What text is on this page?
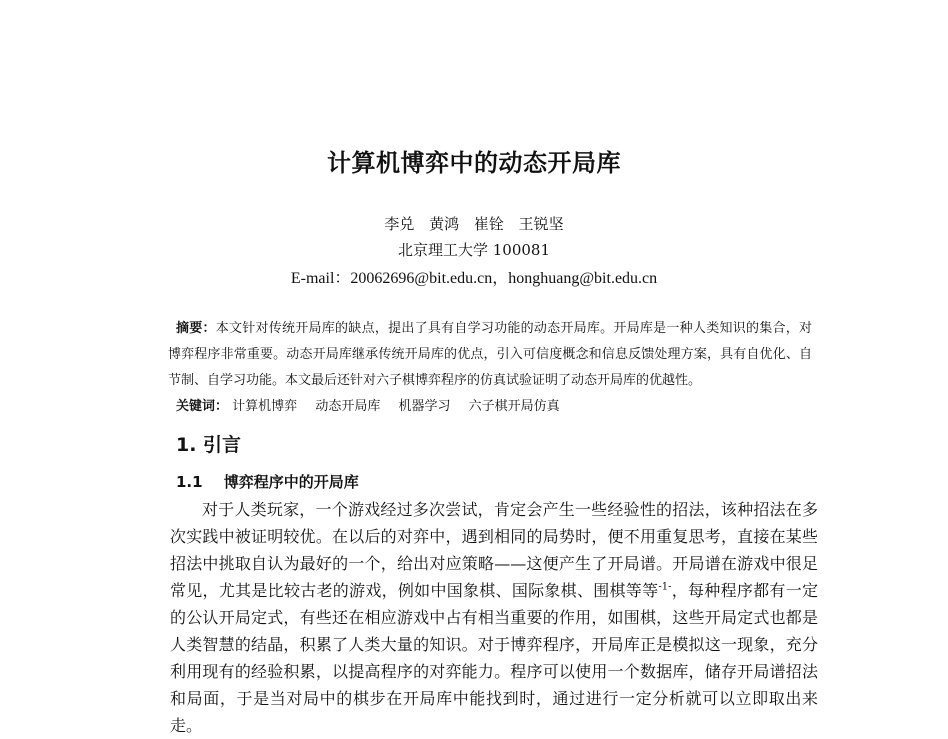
计算机博弈中的动态开局库
李兑 黄鸿 崔铨 王锐坚
北京理工大学 100081
E-mail：20062696@bit.edu.cn，honghuang@bit.edu.cn

摘要：本文针对传统开局库的缺点，提出了具有自学习功能的动态开局库。开局库是一种人类知识的集合，对博弈程序非常重要。动态开局库继承传统开局库的优点，引入可信度概念和信息反馈处理方案，具有自优化、自节制、自学习功能。本文最后还针对六子棋博弈程序的仿真试验证明了动态开局库的优越性。

关键词： 计算机博弈 动态开局库 机器学习 六子棋开局仿真
1. 引言
1.1 博弈程序中的开局库

对于人类玩家，一个游戏经过多次尝试，肯定会产生一些经验性的招法，该种招法在多次实践中被证明较优。在以后的对弈中，遇到相同的局势时，便不用重复思考，直接在某些招法中挑取自认为最好的一个，给出对应策略——这便产生了开局谱。开局谱在游戏中很足常见，尤其是比较古老的游戏，例如中国象棋、国际象棋、围棋等等$^{-1-}$，每种程序都有一定的公认开局定式，有些还在相应游戏中占有相当重要的作用，如围棋，这些开局定式也都是人类智慧的结晶，积累了人类大量的知识。对于博弈程序，开局库正是模拟这一现象，充分利用现有的经验积累，以提高程序的对弈能力。程序可以使用一个数据库，储存开局谱招法和局面，于是当对局中的棋步在开局库中能找到时，通过进行一定分析就可以立即取出来走。
